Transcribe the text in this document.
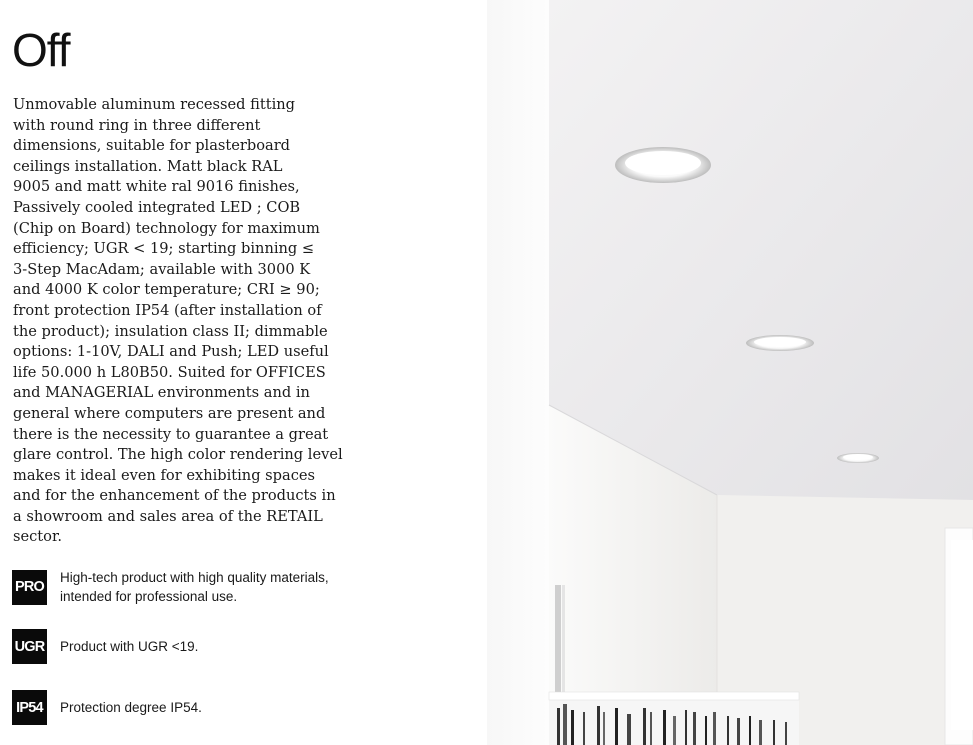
Off

Unmovable aluminum recessed fitting
with round ring in three different
dimensions, suitable for plasterboard
ceilings installation. Matt black RAL
9005 and matt white ral 9016 finishes,
Passively cooled integrated LED ; COB
(Chip on Board) technology for maximum
efficiency; UGR < 19; starting binning ≤
3-Step MacAdam; available with 3000 K
and 4000 K color temperature; CRI ≥ 90;
front protection IP54 (after installation of
the product); insulation class II; dimmable
options: 1-10V, DALI and Push; LED useful
life 50.000 h L80B50. Suited for OFFICES
and MANAGERIAL environments and in
general where computers are present and
there is the necessity to guarantee a great
glare control. The high color rendering level
makes it ideal even for exhibiting spaces
and for the enhancement of the products in
a showroom and sales area of the RETAIL
sector.

PRO
High-tech product with high quality materials,
intended for professional use.
UGR Product with UGR <19.
IP54	Protection degree IP54.
